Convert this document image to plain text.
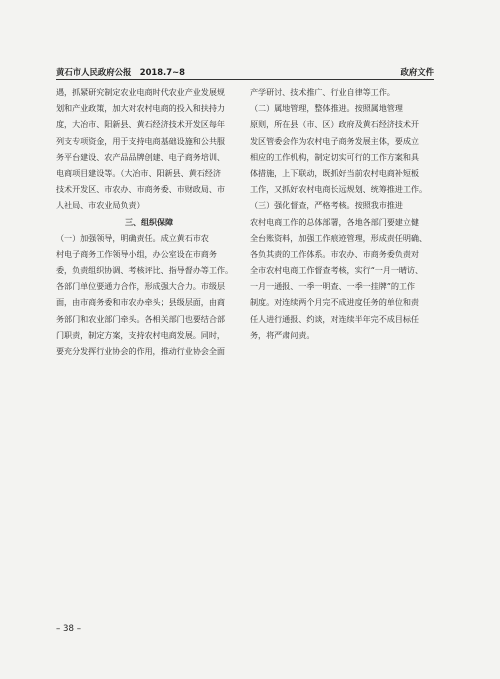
黄石市人民政府公报　2018.7~8	政府文件
遇，抓紧研究制定农业电商时代农业产业发展规
划和产业政策，加大对农村电商的投入和扶持力
度，大冶市、阳新县、黄石经济技术开发区每年
列支专项资金，用于支持电商基础设施和公共服
务平台建设、农产品品牌创建、电子商务培训、
电商项目建设等。（大冶市、阳新县、黄石经济
技术开发区、市农办、市商务委、市财政局、市
人社局、市农业局负责）
三、组织保障
（一）加强领导，明确责任。成立黄石市农
村电子商务工作领导小组，办公室设在市商务
委，负责组织协调、考核评比、指导督办等工作。
各部门单位要通力合作，形成强大合力。市级层
面，由市商务委和市农办牵头；县级层面，由商
务部门和农业部门牵头。各相关部门也要结合部
门职责，制定方案，支持农村电商发展。同时，
要充分发挥行业协会的作用，推动行业协会全面
产学研讨、技术推广、行业自律等工作。
（二）属地管理，整体推进。按照属地管理
原则，所在县（市、区）政府及黄石经济技术开
发区管委会作为农村电子商务发展主体，要成立
相应的工作机构，制定切实可行的工作方案和具
体措施，上下联动，既抓好当前农村电商补短板
工作，又抓好农村电商长远规划、统筹推进工作。
（三）强化督查，严格考核。按照我市推进
农村电商工作的总体部署，各地各部门要建立健
全台账资料，加强工作痕迹管理，形成责任明确、
各负其责的工作体系。市农办、市商务委负责对
全市农村电商工作督查考核，实行“一月一晴访、
一月一通报、一季一明查、一季一挂牌”的工作
制度。对连续两个月完不成进度任务的单位和责
任人进行通报、约谈，对连续半年完不成目标任
务，将严肃问责。
– 38 –
